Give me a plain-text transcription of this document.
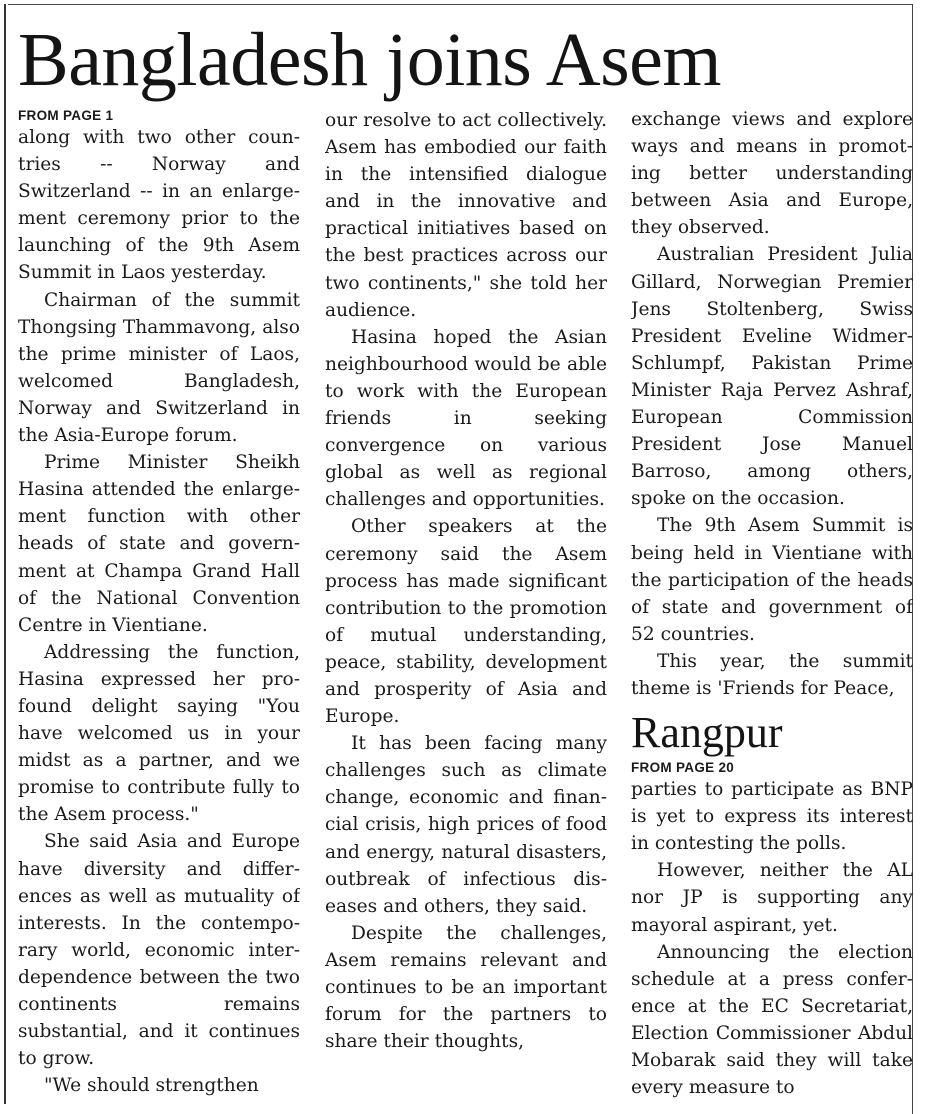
Bangladesh joins Asem
FROM PAGE 1

along with two other countries -- Norway and Switzerland -- in an enlargement ceremony prior to the launching of the 9th Asem Summit in Laos yesterday.

Chairman of the summit Thongsing Thammavong, also the prime minister of Laos, welcomed Bangladesh, Norway and Switzerland in the Asia-Europe forum.

Prime Minister Sheikh Hasina attended the enlargement function with other heads of state and government at Champa Grand Hall of the National Convention Centre in Vientiane.

Addressing the function, Hasina expressed her profound delight saying "You have welcomed us in your midst as a partner, and we promise to contribute fully to the Asem process."

She said Asia and Europe have diversity and differences as well as mutuality of interests. In the contemporary world, economic interdependence between the two continents remains substantial, and it continues to grow.

"We should strengthen

our resolve to act collectively. Asem has embodied our faith in the intensified dialogue and in the innovative and practical initiatives based on the best practices across our two continents," she told her audience.

Hasina hoped the Asian neighbourhood would be able to work with the European friends in seeking convergence on various global as well as regional challenges and opportunities.

Other speakers at the ceremony said the Asem process has made significant contribution to the promotion of mutual understanding, peace, stability, development and prosperity of Asia and Europe.

It has been facing many challenges such as climate change, economic and financial crisis, high prices of food and energy, natural disasters, outbreak of infectious diseases and others, they said.

Despite the challenges, Asem remains relevant and continues to be an important forum for the partners to share their thoughts,

exchange views and explore ways and means in promoting better understanding between Asia and Europe, they observed.

Australian President Julia Gillard, Norwegian Premier Jens Stoltenberg, Swiss President Eveline Widmer-Schlumpf, Pakistan Prime Minister Raja Pervez Ashraf, European Commission President Jose Manuel Barroso, among others, spoke on the occasion.

The 9th Asem Summit is being held in Vientiane with the participation of the heads of state and government of 52 countries.

This year, the summit theme is 'Friends for Peace,

Rangpur
FROM PAGE 20

parties to participate as BNP is yet to express its interest in contesting the polls.

However, neither the AL nor JP is supporting any mayoral aspirant, yet.

Announcing the election schedule at a press conference at the EC Secretariat, Election Commissioner Abdul Mobarak said they will take every measure to
